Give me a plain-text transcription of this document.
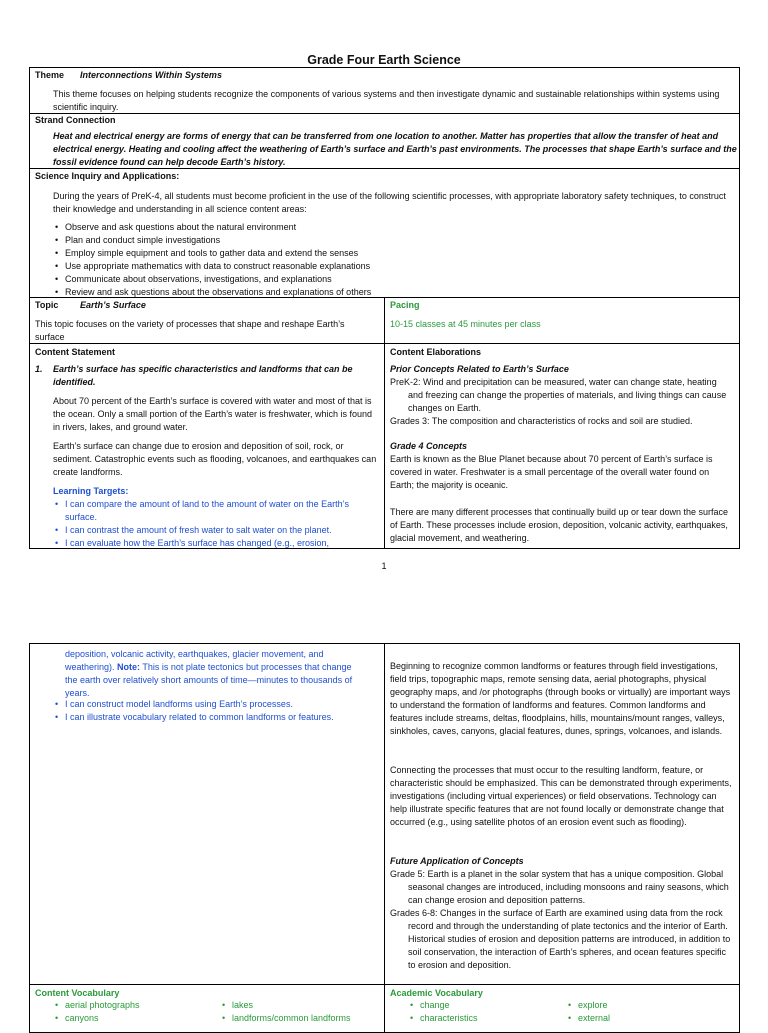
Grade Four Earth Science
Theme Interconnections Within Systems
This theme focuses on helping students recognize the components of various systems and then investigate dynamic and sustainable relationships within systems using scientific inquiry.
Strand Connection
Heat and electrical energy are forms of energy that can be transferred from one location to another. Matter has properties that allow the transfer of heat and electrical energy. Heating and cooling affect the weathering of Earth’s surface and Earth’s past environments. The processes that shape Earth’s surface and the fossil evidence found can help decode Earth’s history.
Science Inquiry and Applications:
During the years of PreK-4, all students must become proficient in the use of the following scientific processes, with appropriate laboratory safety techniques, to construct their knowledge and understanding in all science content areas:
• Observe and ask questions about the natural environment
• Plan and conduct simple investigations
• Employ simple equipment and tools to gather data and extend the senses
• Use appropriate mathematics with data to construct reasonable explanations
• Communicate about observations, investigations, and explanations
• Review and ask questions about the observations and explanations of others
Topic Earth’s Surface
This topic focuses on the variety of processes that shape and reshape Earth’s surface
Pacing
10-15 classes at 45 minutes per class
Content Statement
1. Earth’s surface has specific characteristics and landforms that can be identified.
About 70 percent of the Earth’s surface is covered with water and most of that is the ocean. Only a small portion of the Earth’s water is freshwater, which is found in rivers, lakes, and ground water.
Earth’s surface can change due to erosion and deposition of soil, rock, or sediment. Catastrophic events such as flooding, volcanoes, and earthquakes can create landforms.
Learning Targets:
• I can compare the amount of land to the amount of water on the Earth’s surface.
• I can contrast the amount of fresh water to salt water on the planet.
• I can evaluate how the Earth’s surface has changed (e.g., erosion,
Content Elaborations
Prior Concepts Related to Earth’s Surface
PreK-2: Wind and precipitation can be measured, water can change state, heating and freezing can change the properties of materials, and living things can cause changes on Earth.
Grades 3: The composition and characteristics of rocks and soil are studied.
Grade 4 Concepts
Earth is known as the Blue Planet because about 70 percent of Earth’s surface is covered in water. Freshwater is a small percentage of the overall water found on Earth; the majority is oceanic.
There are many different processes that continually build up or tear down the surface of Earth. These processes include erosion, deposition, volcanic activity, earthquakes, glacial movement, and weathering.
1
deposition, volcanic activity, earthquakes, glacier movement, and weathering). Note: This is not plate tectonics but processes that change the earth over relatively short amounts of time—minutes to thousands of years.
• I can construct model landforms using Earth’s processes.
• I can illustrate vocabulary related to common landforms or features.
Beginning to recognize common landforms or features through field investigations, field trips, topographic maps, remote sensing data, aerial photographs, physical geography maps, and /or photographs (through books or virtually) are important ways to understand the formation of landforms and features. Common landforms and features include streams, deltas, floodplains, hills, mountains/mount ranges, valleys, sinkholes, caves, canyons, glacial features, dunes, springs, volcanoes, and islands.
Connecting the processes that must occur to the resulting landform, feature, or characteristic should be emphasized. This can be demonstrated through experiments, investigations (including virtual experiences) or field observations. Technology can help illustrate specific features that are not found locally or demonstrate change that occurred (e.g., using satellite photos of an erosion event such as flooding).
Future Application of Concepts
Grade 5: Earth is a planet in the solar system that has a unique composition. Global seasonal changes are introduced, including monsoons and rainy seasons, which can change erosion and deposition patterns.
Grades 6-8: Changes in the surface of Earth are examined using data from the rock record and through the understanding of plate tectonics and the interior of Earth. Historical studies of erosion and deposition patterns are introduced, in addition to soil conservation, the interaction of Earth’s spheres, and ocean features specific to erosion and deposition.
Content Vocabulary
• aerial photographs
• canyons
• lakes
• landforms/common landforms
Academic Vocabulary
• change
• characteristics
• explore
• external
